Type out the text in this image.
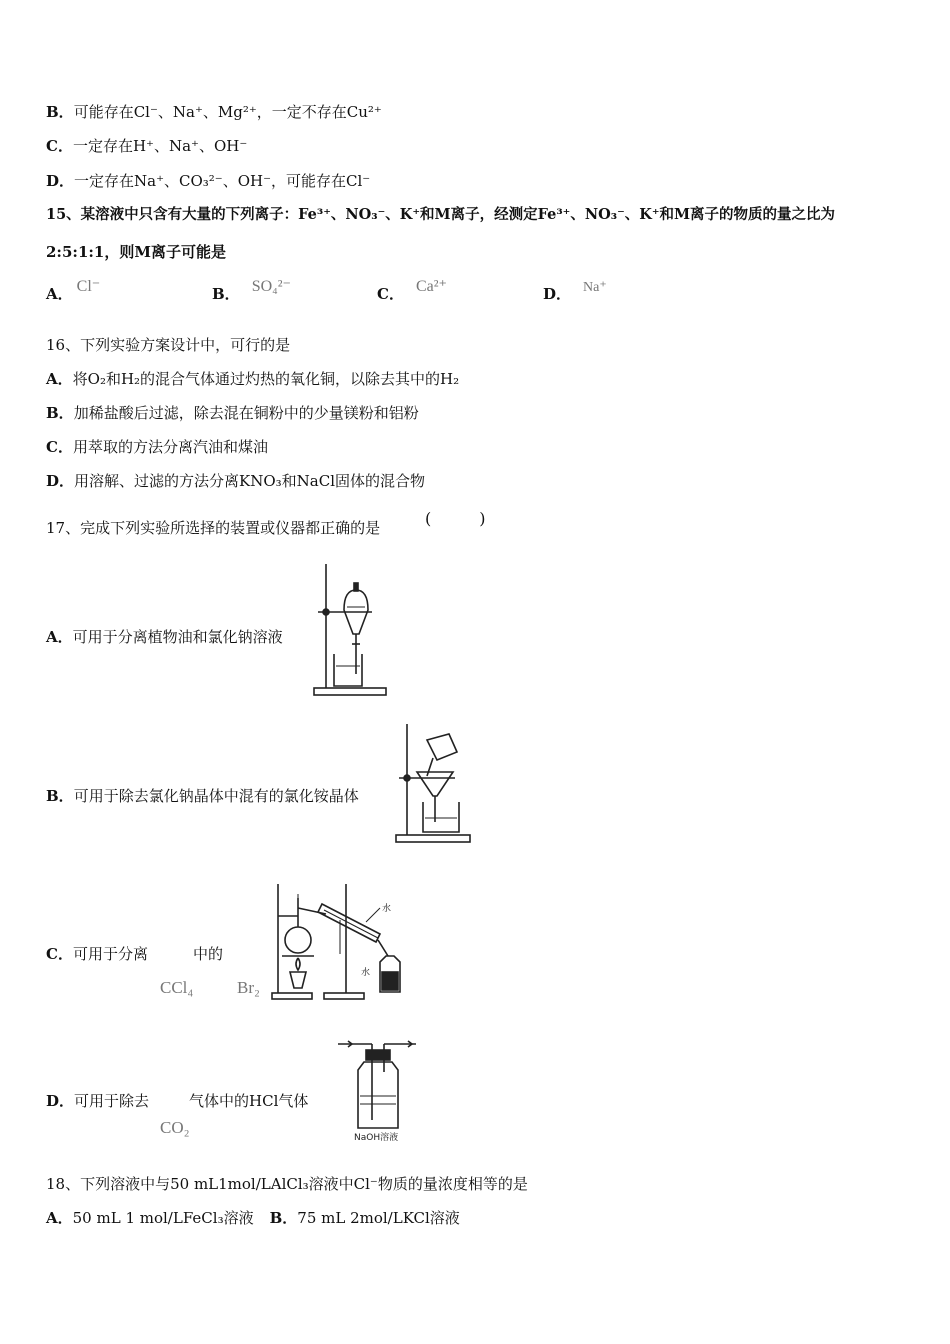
B．可能存在Cl⁻、Na⁺、Mg²⁺，一定不存在Cu²⁺
C．一定存在H⁺、Na⁺、OH⁻
D．一定存在Na⁺、CO₃²⁻、OH⁻，可能存在Cl⁻
15、某溶液中只含有大量的下列离子：Fe³⁺、NO₃⁻、K⁺和M离子，经测定Fe³⁺、NO₃⁻、K⁺和M离子的物质的量之比为
2:5:1:1，则M离子可能是
A． Cl⁻	B． SO₄²⁻	C． Ca²⁺	D． Na⁺
16、下列实验方案设计中，可行的是
A．将O₂和H₂的混合气体通过灼热的氧化铜，以除去其中的H₂
B．加稀盐酸后过滤，除去混在铜粉中的少量镁粉和铝粉
C．用萃取的方法分离汽油和煤油
D．用溶解、过滤的方法分离KNO₃和NaCl固体的混合物
17、完成下列实验所选择的装置或仪器都正确的是	(　　　)
A．可用于分离植物油和氯化钠溶液
B．可用于除去氯化钠晶体中混有的氯化铵晶体
C．可用于分离	中的
CCl₄	Br₂
水
水
D．可用于除去	气体中的HCl气体
CO₂
NaOH溶液
18、下列溶液中与50 mL1mol/LAlCl₃溶液中Cl⁻物质的量浓度相等的是
A．50 mL 1 mol/LFeCl₃溶液 B．75 mL 2mol/LKCl溶液
